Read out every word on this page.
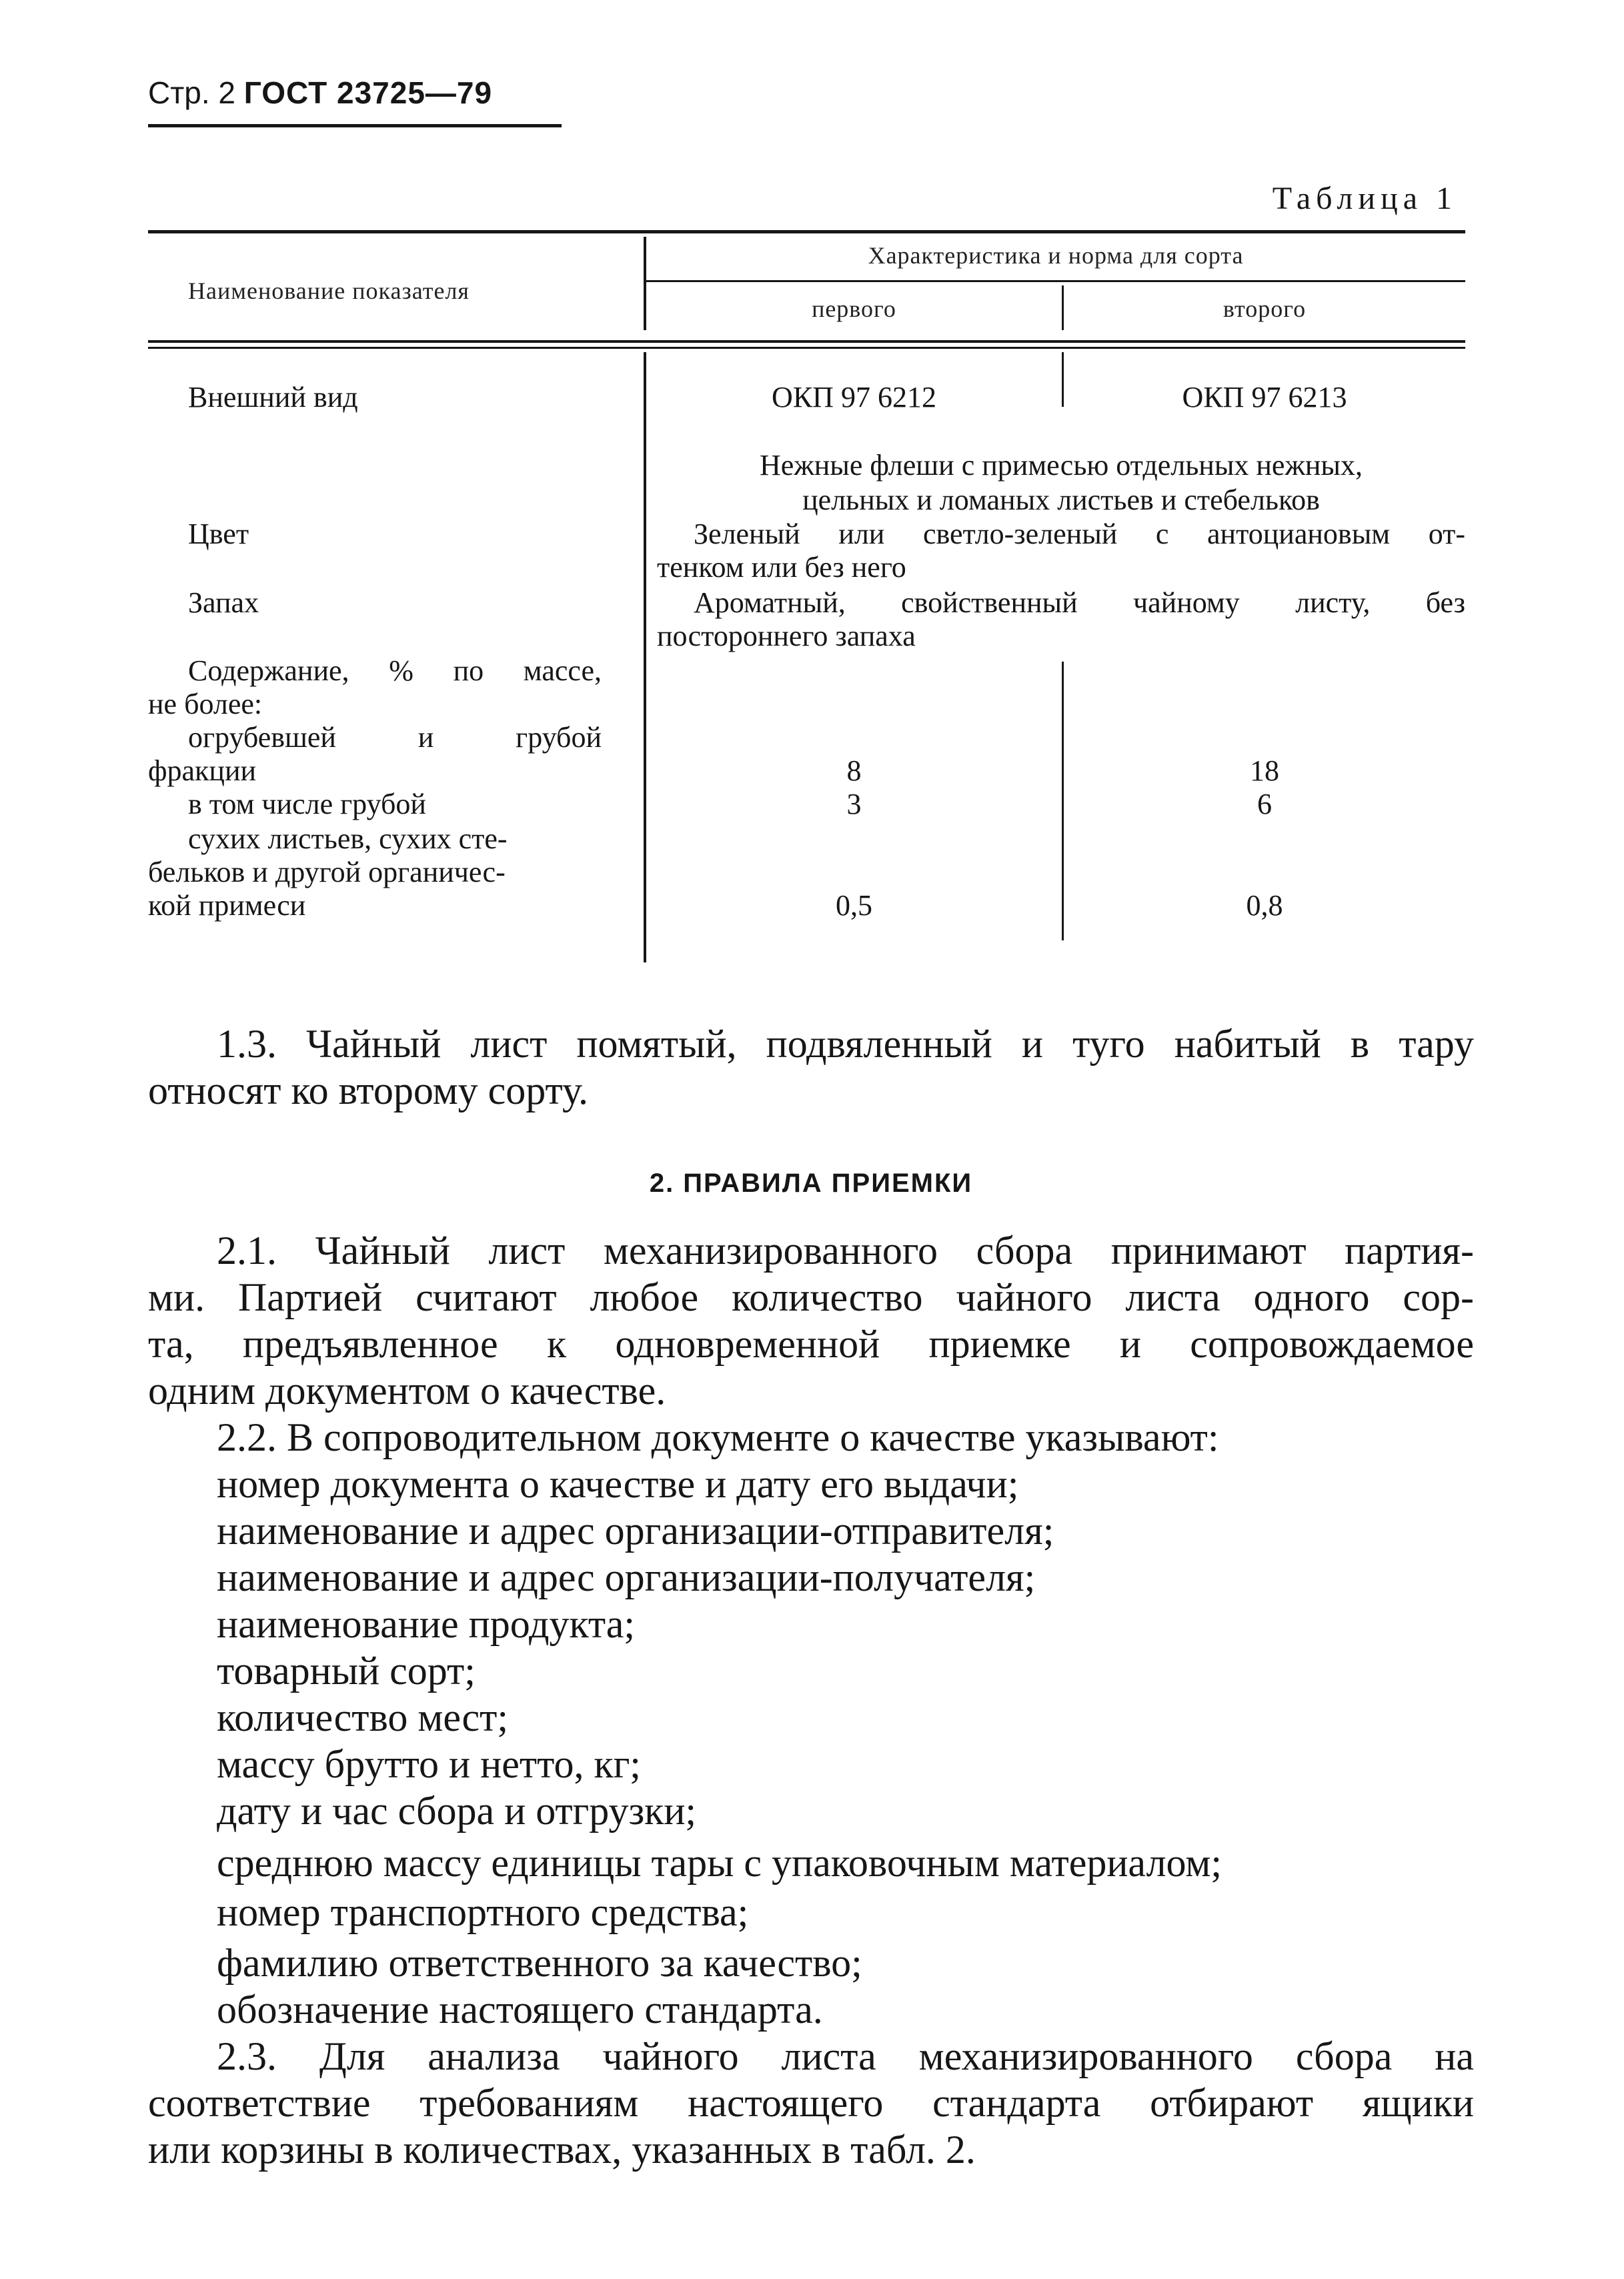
Стр. 2 ГОСТ 23725—79
Таблица 1
Наименование показателя
Характеристика и норма для сорта
первого	второго
Внешний вид	ОКП 97 6212	ОКП 97 6213
Нежные флеши с примесью отдельных нежных,
цельных и ломаных листьев и стебельков
Цвет	Зеленый или светло-зеленый с антоциановым от-
тенком или без него
Запах	Ароматный, свойственный чайному листу, без
постороннего запаха
Содержание, % по массе,
не более:
огрубевшей и грубой
фракции	8	18
в том числе грубой	3	6
сухих листьев, сухих сте-
бельков и другой органичес-
кой примеси	0,5	0,8
1.3. Чайный лист помятый, подвяленный и туго набитый в тару
относят ко второму сорту.
2. ПРАВИЛА ПРИЕМКИ
2.1. Чайный лист механизированного сбора принимают партия-
ми. Партией считают любое количество чайного листа одного сор-
та, предъявленное к одновременной приемке и сопровождаемое
одним документом о качестве.
2.2. В сопроводительном документе о качестве указывают:
номер документа о качестве и дату его выдачи;
наименование и адрес организации-отправителя;
наименование и адрес организации-получателя;
наименование продукта;
товарный сорт;
количество мест;
массу брутто и нетто, кг;
дату и час сбора и отгрузки;
среднюю массу единицы тары с упаковочным материалом;
номер транспортного средства;
фамилию ответственного за качество;
обозначение настоящего стандарта.
2.3. Для анализа чайного листа механизированного сбора на
соответствие требованиям настоящего стандарта отбирают ящики
или корзины в количествах, указанных в табл. 2.
